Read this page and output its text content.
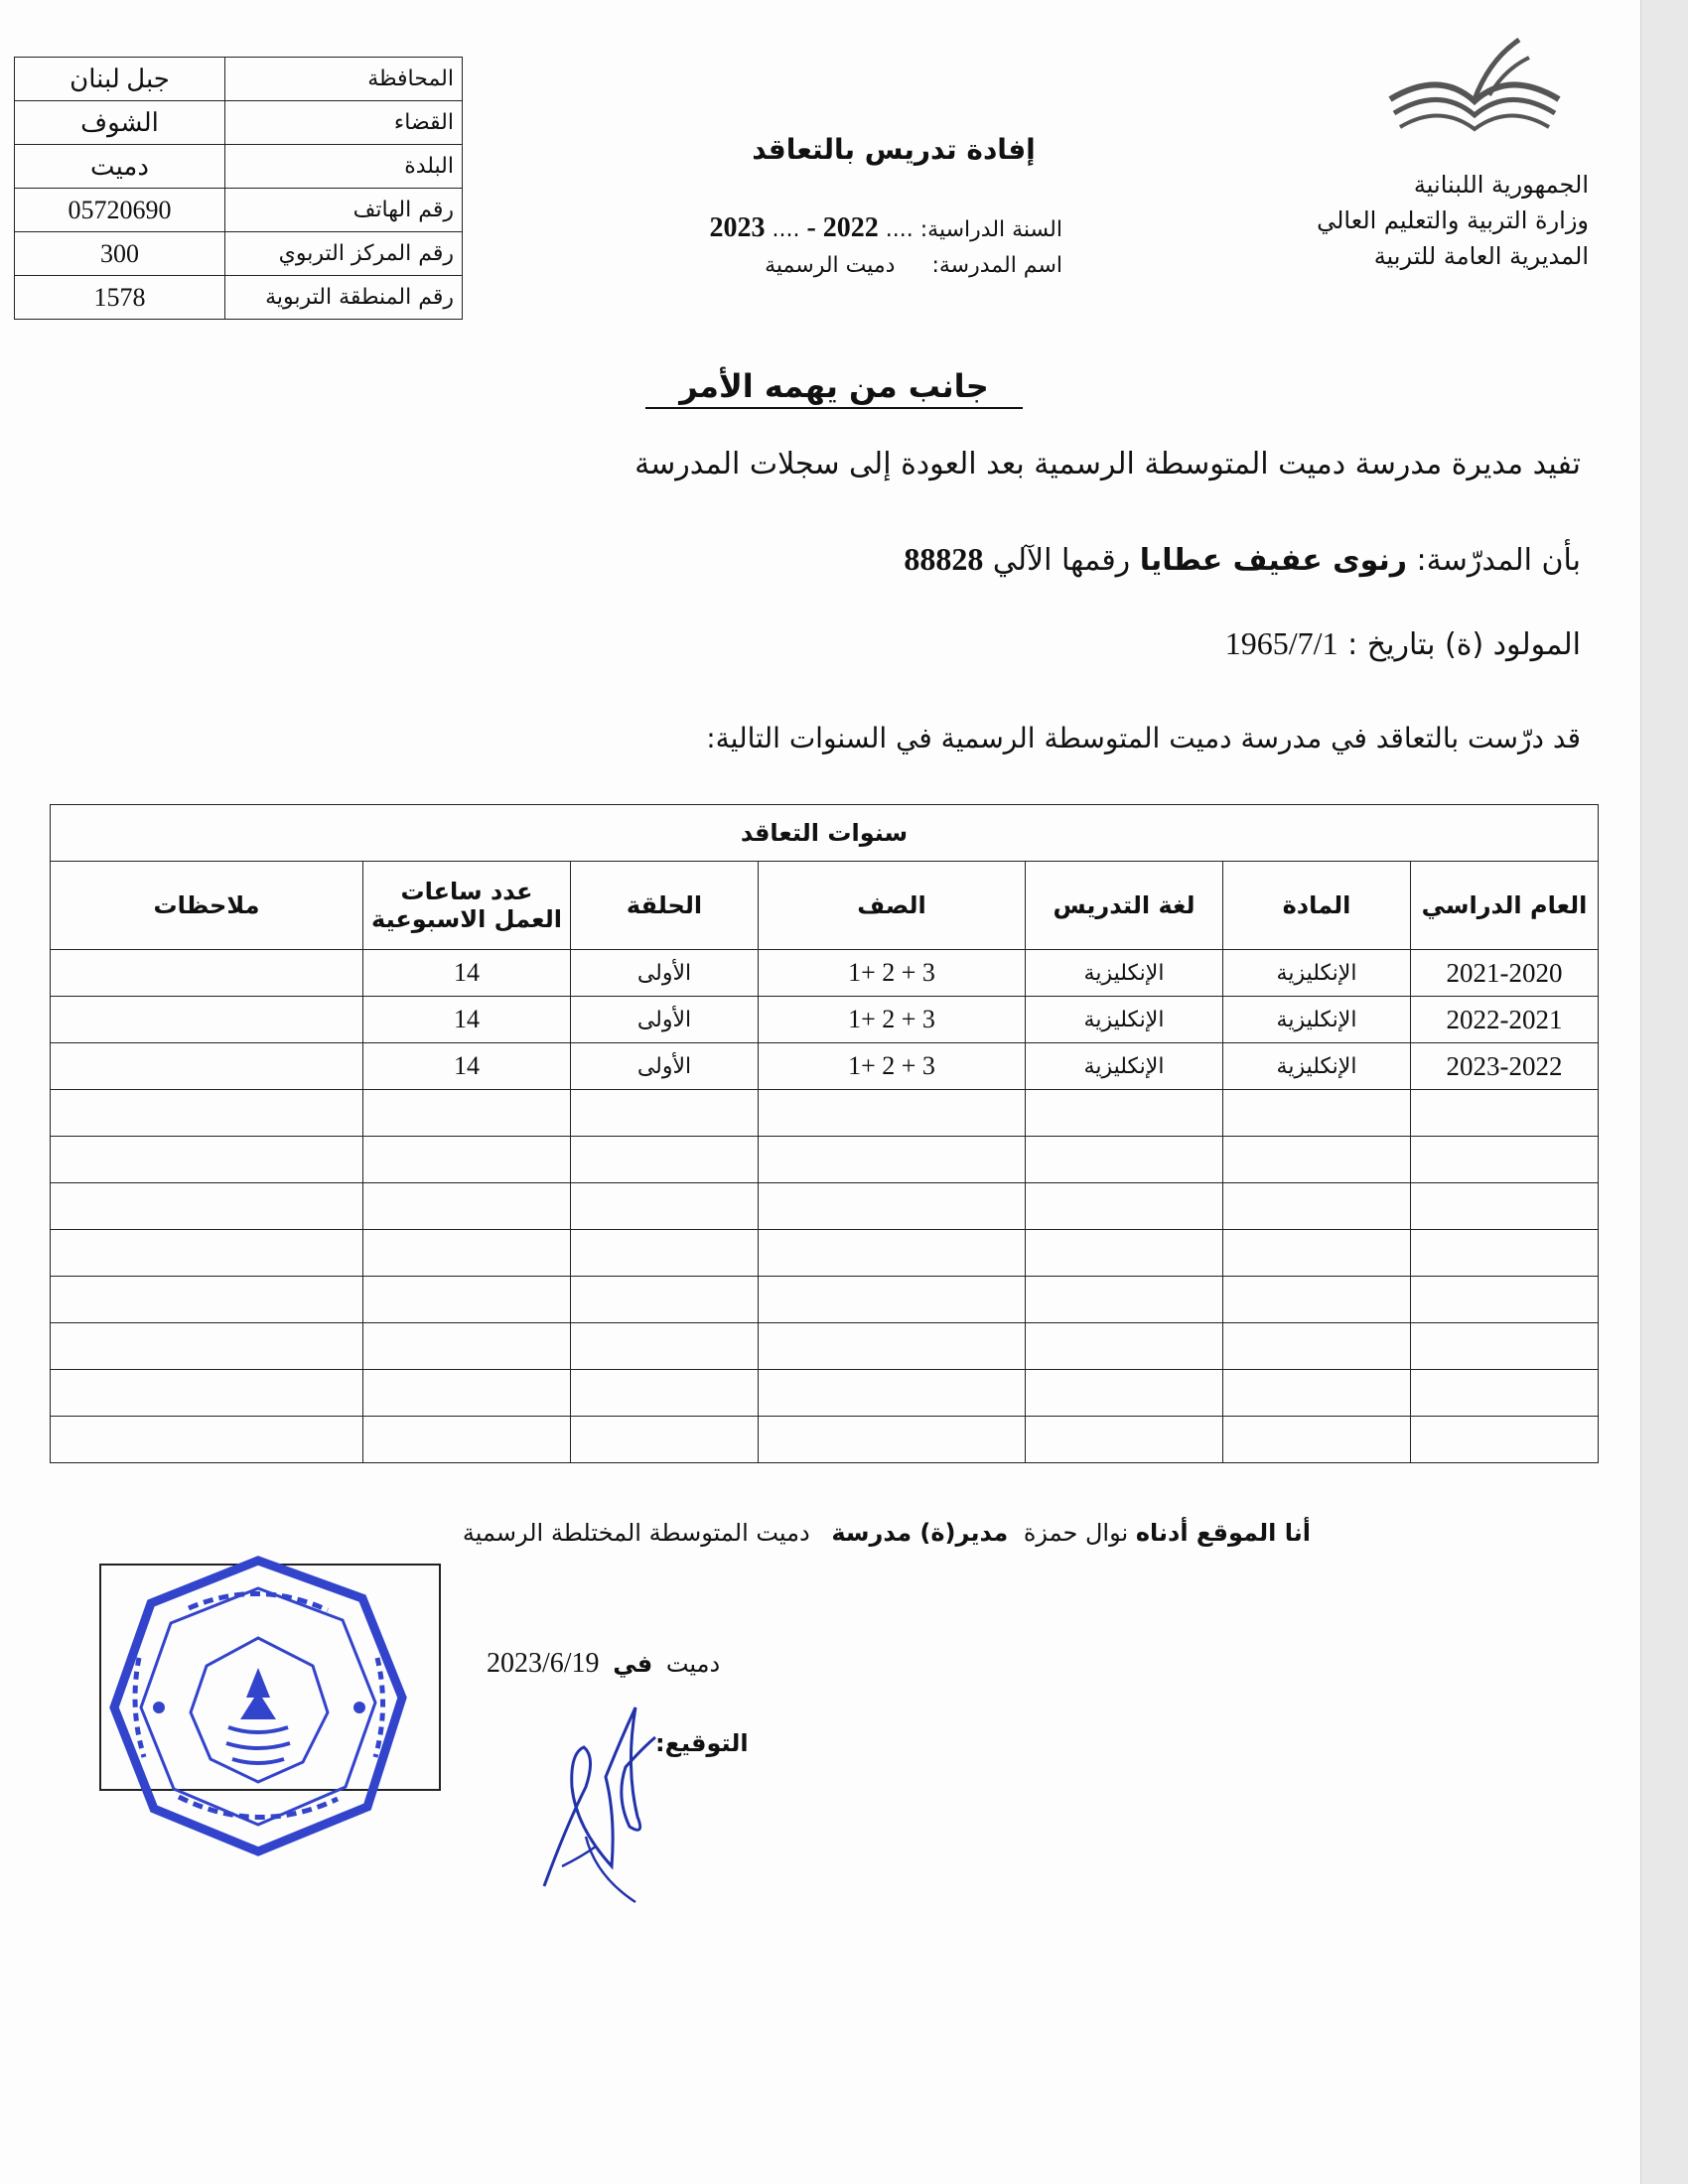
المحافظة	جبل لبنان
القضاء	الشوف
البلدة	دميت
رقم الهاتف	05720690
رقم المركز التربوي	300
رقم المنطقة التربوية	1578
الجمهورية اللبنانية
وزارة التربية والتعليم العالي
المديرية العامة للتربية
إفادة تدريس بالتعاقد
السنة الدراسية: .... 2022 - .... 2023
اسم المدرسة: دميت الرسمية
جانب من يهمه الأمر
تفيد مديرة مدرسة دميت المتوسطة الرسمية بعد العودة إلى سجلات المدرسة
بأن المدرّسة: رنوى عفيف عطايا رقمها الآلي 88828
المولود (ة) بتاريخ : 1965/7/1
قد درّست بالتعاقد في مدرسة دميت المتوسطة الرسمية في السنوات التالية:
سنوات التعاقد						
العام الدراسي	المادة	لغة التدريس	الصف	الحلقة	عدد ساعات العمل الاسبوعية	ملاحظات
2021-2020	الإنكليزية	الإنكليزية	1+ 2 + 3	الأولى	14	
2022-2021	الإنكليزية	الإنكليزية	1+ 2 + 3	الأولى	14	
2023-2022	الإنكليزية	الإنكليزية	1+ 2 + 3	الأولى	14	

أنا الموقع أدناه نوال حمزة مدير(ة) مدرسة دميت المتوسطة المختلطة الرسمية
دميت في 2023/6/19
التوقيع:
